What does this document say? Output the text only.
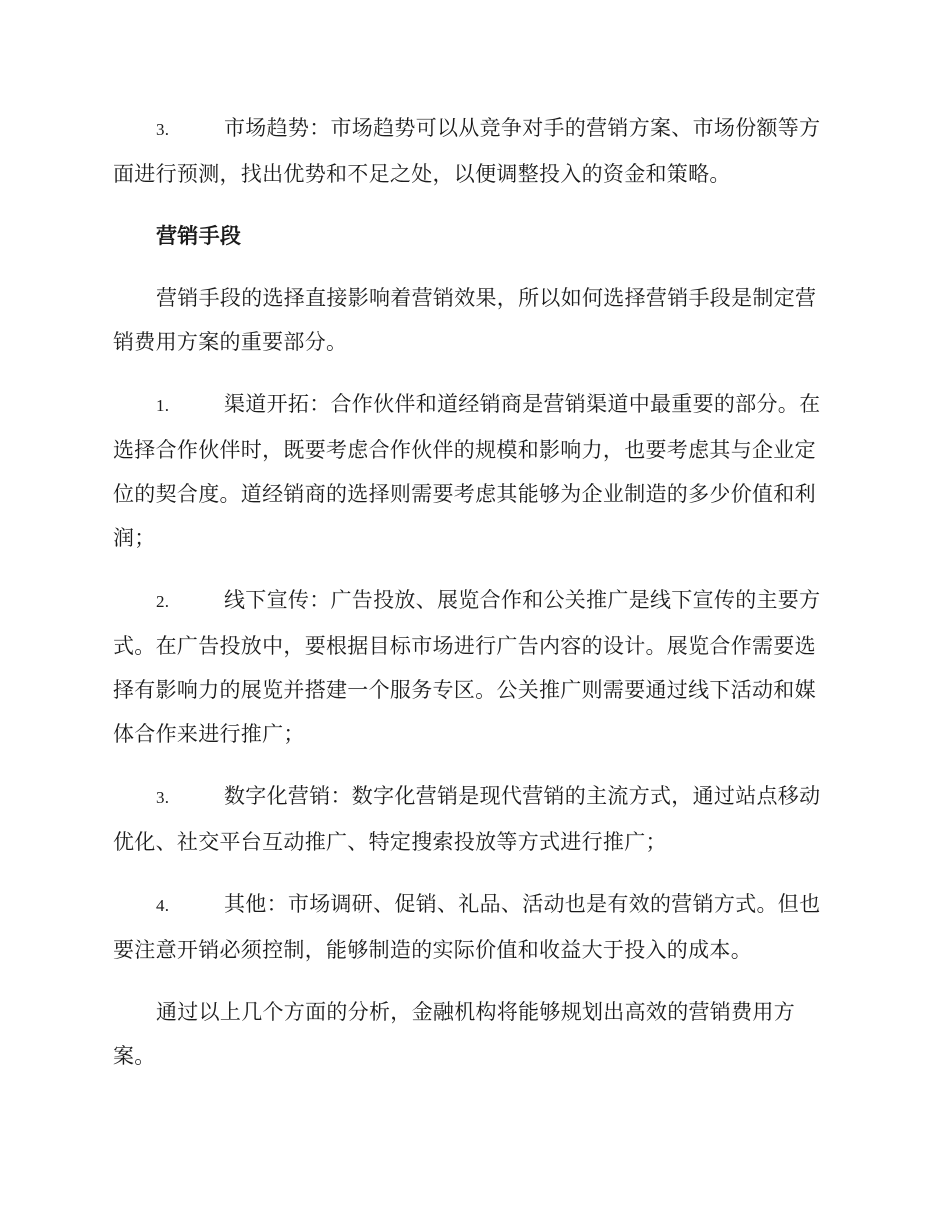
3.	市场趋势：市场趋势可以从竞争对手的营销方案、市场份额等方面进行预测，找出优势和不足之处，以便调整投入的资金和策略。

营销手段

营销手段的选择直接影响着营销效果，所以如何选择营销手段是制定营销费用方案的重要部分。

1.	渠道开拓：合作伙伴和道经销商是营销渠道中最重要的部分。在选择合作伙伴时，既要考虑合作伙伴的规模和影响力，也要考虑其与企业定位的契合度。道经销商的选择则需要考虑其能够为企业制造的多少价值和利润；

2.	线下宣传：广告投放、展览合作和公关推广是线下宣传的主要方式。在广告投放中，要根据目标市场进行广告内容的设计。展览合作需要选择有影响力的展览并搭建一个服务专区。公关推广则需要通过线下活动和媒体合作来进行推广；

3.	数字化营销：数字化营销是现代营销的主流方式，通过站点移动优化、社交平台互动推广、特定搜索投放等方式进行推广；

4.	其他：市场调研、促销、礼品、活动也是有效的营销方式。但也要注意开销必须控制，能够制造的实际价值和收益大于投入的成本。

通过以上几个方面的分析，金融机构将能够规划出高效的营销费用方案。
